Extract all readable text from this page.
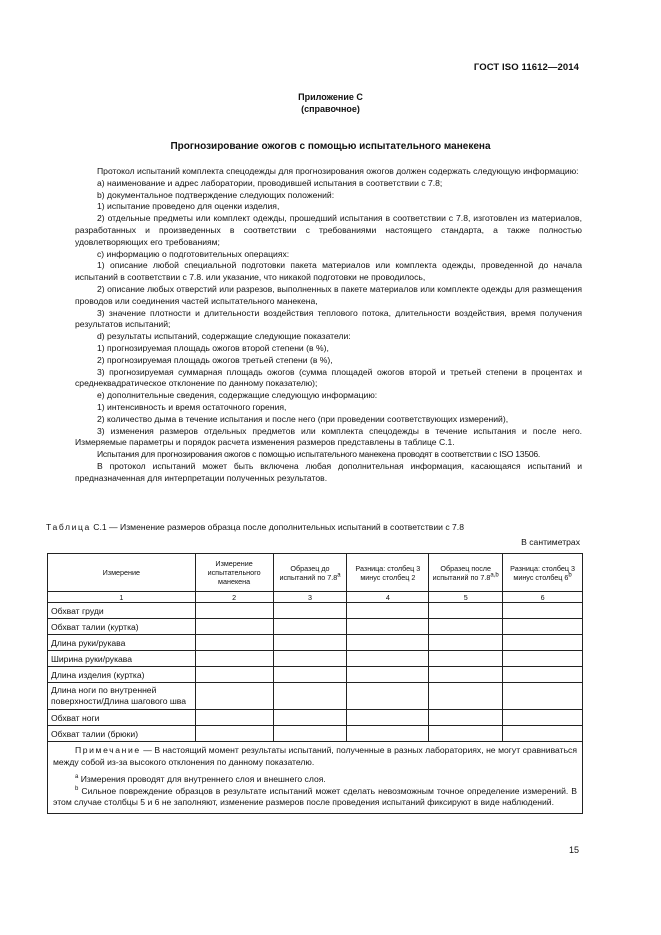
ГОСТ ISO 11612—2014
Приложение С
(справочное)
Прогнозирование ожогов с помощью испытательного манекена

Протокол испытаний комплекта спецодежды для прогнозирования ожогов должен содержать следующую информацию:

a) наименование и адрес лаборатории, проводившей испытания в соответствии с 7.8;

b) документальное подтверждение следующих положений:

1) испытание проведено для оценки изделия,

2) отдельные предметы или комплект одежды, прошедший испытания в соответствии с 7.8, изготовлен из материалов, разработанных и произведенных в соответствии с требованиями настоящего стандарта, а также полностью удовлетворяющих его требованиям;

c) информацию о подготовительных операциях:

1) описание любой специальной подготовки пакета материалов или комплекта одежды, проведенной до начала испытаний в соответствии с 7.8. или указание, что никакой подготовки не проводилось,

2) описание любых отверстий или разрезов, выполненных в пакете материалов или комплекте одежды для размещения проводов или соединения частей испытательного манекена,

3) значение плотности и длительности воздействия теплового потока, длительности воздействия, время получения результатов испытаний;

d) результаты испытаний, содержащие следующие показатели:

1) прогнозируемая площадь ожогов второй степени (в %),

2) прогнозируемая площадь ожогов третьей степени (в %),

3) прогнозируемая суммарная площадь ожогов (сумма площадей ожогов второй и третьей степени в процентах и среднеквадратическое отклонение по данному показателю);

e) дополнительные сведения, содержащие следующую информацию:

1) интенсивность и время остаточного горения,

2) количество дыма в течение испытания и после него (при проведении соответствующих измерений),

3) изменения размеров отдельных предметов или комплекта спецодежды в течение испытания и после него. Измеряемые параметры и порядок расчета изменения размеров представлены в таблице С.1.

Испытания для прогнозирования ожогов с помощью испытательного манекена проводят в соответствии с ISO 13506.

В протокол испытаний может быть включена любая дополнительная информация, касающаяся испытаний и предназначенная для интерпретации полученных результатов.

Таблица С.1 — Изменение размеров образца после дополнительных испытаний в соответствии с 7.8
В сантиметрах
Измерение	Измерение испытательного манекена	Образец до испытаний по $7.8^а$	Разница: столбец 3 минус столбец 2	Образец после испытаний по $7.8^{а,b}$	Разница: столбец 3 минус столбец 6$^b$
1	2	3	4	5	6
Обхват груди					
Обхват талии (куртка)					
Длина руки/рукава					
Ширина руки/рукава					
Длина изделия (куртка)					
Длина ноги по внутренней поверхности/Длина шагового шва					
Обхват ноги					
Обхват талии (брюки)					

Примечание — В настоящий момент результаты испытаний, полученные в разных лабораториях, не могут сравниваться между собой из-за высокого отклонения по данному показателю.

$^а$ Измерения проводят для внутреннего слоя и внешнего слоя.

$^b$ Сильное повреждение образцов в результате испытаний может сделать невозможным точное определение измерений. В этом случае столбцы 5 и 6 не заполняют, изменение размеров после проведения испытаний фиксируют в виде наблюдений.					

15
